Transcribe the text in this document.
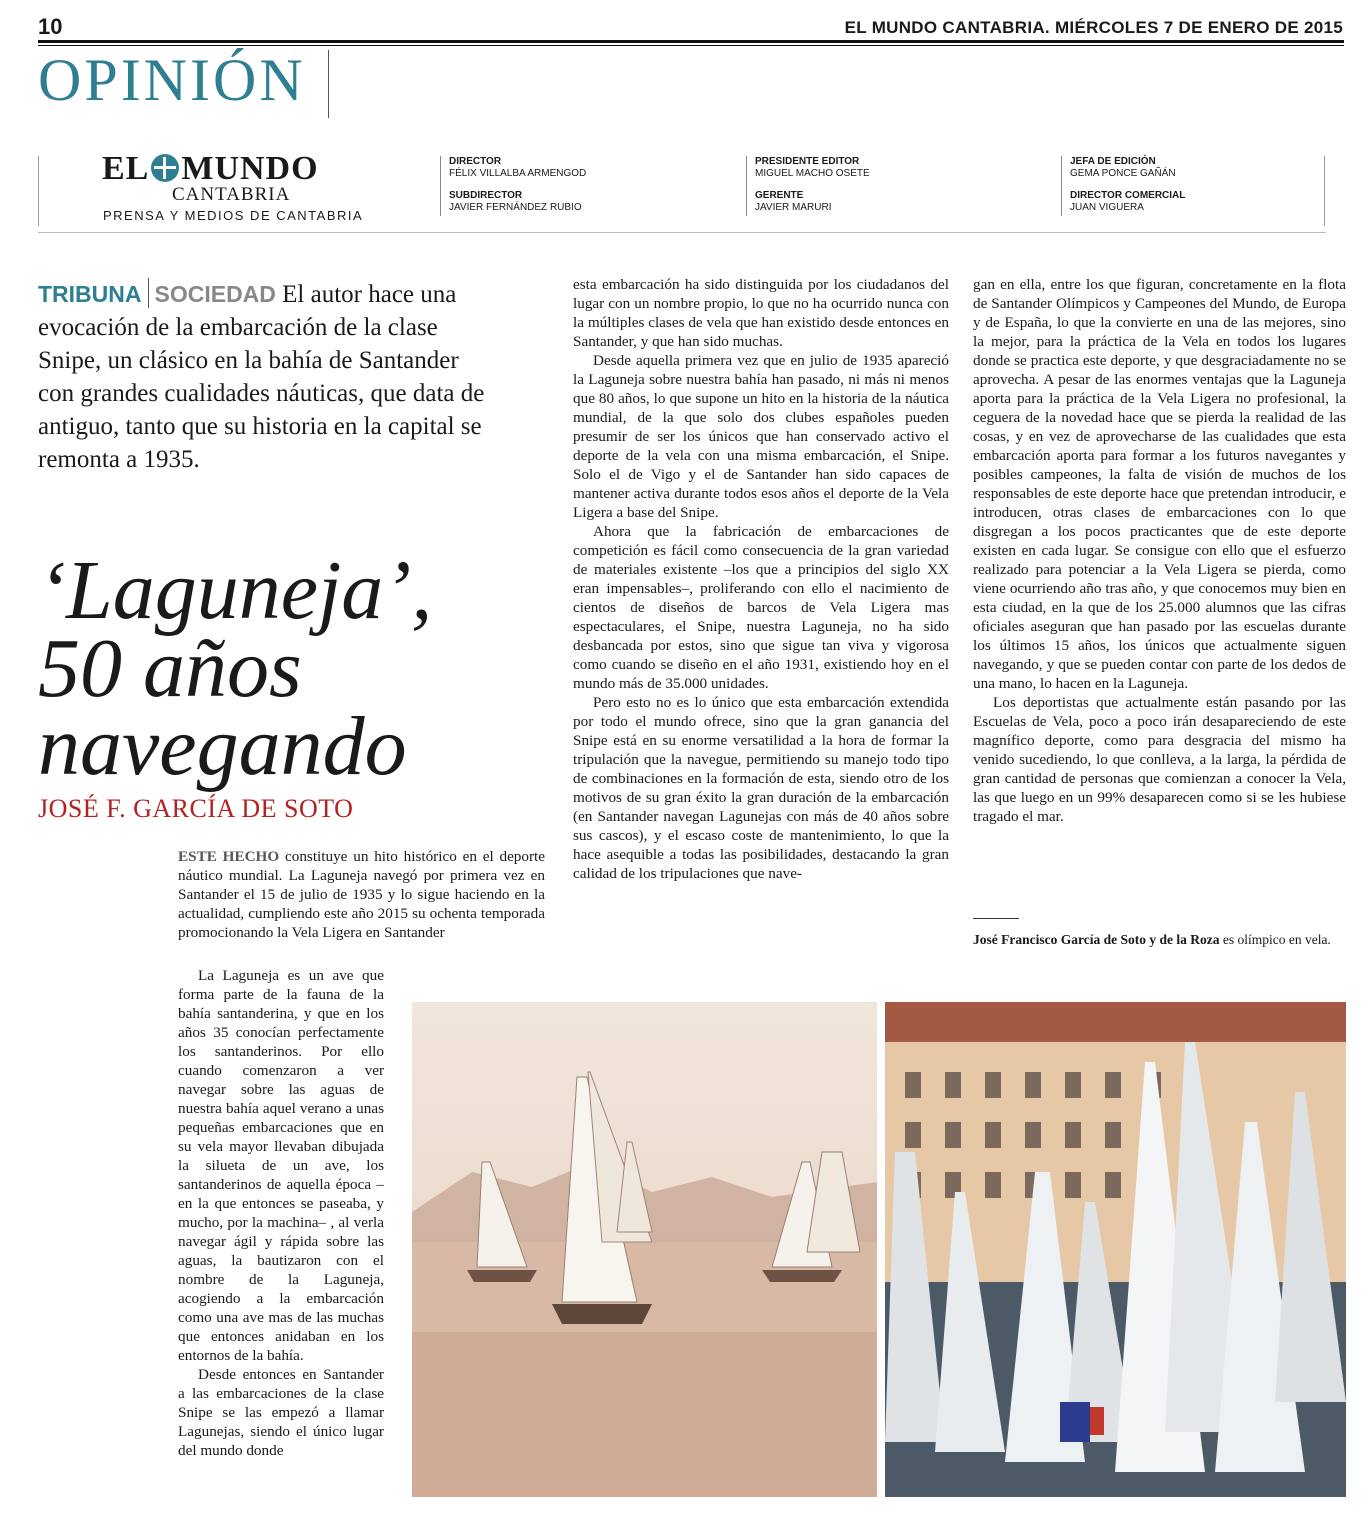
10	EL MUNDO CANTABRIA. MIÉRCOLES 7 DE ENERO DE 2015
OPINIÓN
EL MUNDO
CANTABRIA
PRENSA Y MEDIOS DE CANTABRIA
DIRECTOR
FÉLIX VILLALBA ARMENGOD
SUBDIRECTOR
JAVIER FERNÁNDEZ RUBIO
PRESIDENTE EDITOR
MIGUEL MACHO OSETE
GERENTE
JAVIER MARURI
JEFA DE EDICIÓN
GEMA PONCE GAÑÁN
DIRECTOR COMERCIAL
JUAN VIGUERA
TRIBUNA SOCIEDAD El autor hace una evocación de la embarcación de la clase Snipe, un clásico en la bahía de Santander con grandes cualidades náuticas, que data de antiguo, tanto que su historia en la capital se remonta a 1935.
‘Laguneja’,
50 años
navegando
JOSÉ F. GARCÍA DE SOTO

ESTE HECHO constituye un hito histórico en el deporte náutico mundial. La Laguneja navegó por primera vez en Santander el 15 de julio de 1935 y lo sigue haciendo en la actualidad, cumpliendo este año 2015 su ochenta temporada promocionando la Vela Ligera en Santander

La Laguneja es un ave que forma parte de la fauna de la bahía santanderina, y que en los años 35 conocían perfectamente los santanderinos. Por ello cuando comenzaron a ver navegar sobre las aguas de nuestra bahía aquel verano a unas pequeñas embarcaciones que en su vela mayor llevaban dibujada la silueta de un ave, los santanderinos de aquella época –en la que entonces se paseaba, y mucho, por la machina– , al verla navegar ágil y rápida sobre las aguas, la bautizaron con el nombre de la Laguneja, acogiendo a la embarcación como una ave mas de las muchas que entonces anidaban en los entornos de la bahía.

Desde entonces en Santander a las embarcaciones de la clase Snipe se las empezó a llamar Lagunejas, siendo el único lugar del mundo donde

esta embarcación ha sido distinguida por los ciudadanos del lugar con un nombre propio, lo que no ha ocurrido nunca con la múltiples clases de vela que han existido desde entonces en Santander, y que han sido muchas.

Desde aquella primera vez que en julio de 1935 apareció la Laguneja sobre nuestra bahía han pasado, ni más ni menos que 80 años, lo que supone un hito en la historia de la náutica mundial, de la que solo dos clubes españoles pueden presumir de ser los únicos que han conservado activo el deporte de la vela con una misma embarcación, el Snipe. Solo el de Vigo y el de Santander han sido capaces de mantener activa durante todos esos años el deporte de la Vela Ligera a base del Snipe.

Ahora que la fabricación de embarcaciones de competición es fácil como consecuencia de la gran variedad de materiales existente –los que a principios del siglo XX eran impensables–, proliferando con ello el nacimiento de cientos de diseños de barcos de Vela Ligera mas espectaculares, el Snipe, nuestra Laguneja, no ha sido desbancada por estos, sino que sigue tan viva y vigorosa como cuando se diseño en el año 1931, existiendo hoy en el mundo más de 35.000 unidades.

Pero esto no es lo único que esta embarcación extendida por todo el mundo ofrece, sino que la gran ganancia del Snipe está en su enorme versatilidad a la hora de formar la tripulación que la navegue, permitiendo su manejo todo tipo de combinaciones en la formación de esta, siendo otro de los motivos de su gran éxito la gran duración de la embarcación (en Santander navegan Lagunejas con más de 40 años sobre sus cascos), y el escaso coste de mantenimiento, lo que la hace asequible a todas las posibilidades, destacando la gran calidad de los tripulaciones que nave-

gan en ella, entre los que figuran, concretamente en la flota de Santander Olímpicos y Campeones del Mundo, de Europa y de España, lo que la convierte en una de las mejores, sino la mejor, para la práctica de la Vela en todos los lugares donde se practica este deporte, y que desgraciadamente no se aprovecha. A pesar de las enormes ventajas que la Laguneja aporta para la práctica de la Vela Ligera no profesional, la ceguera de la novedad hace que se pierda la realidad de las cosas, y en vez de aprovecharse de las cualidades que esta embarcación aporta para formar a los futuros navegantes y posibles campeones, la falta de visión de muchos de los responsables de este deporte hace que pretendan introducir, e introducen, otras clases de embarcaciones con lo que disgregan a los pocos practicantes que de este deporte existen en cada lugar. Se consigue con ello que el esfuerzo realizado para potenciar a la Vela Ligera se pierda, como viene ocurriendo año tras año, y que conocemos muy bien en esta ciudad, en la que de los 25.000 alumnos que las cifras oficiales aseguran que han pasado por las escuelas durante los últimos 15 años, los únicos que actualmente siguen navegando, y que se pueden contar con parte de los dedos de una mano, lo hacen en la Laguneja.

Los deportistas que actualmente están pasando por las Escuelas de Vela, poco a poco irán desapareciendo de este magnífico deporte, como para desgracia del mismo ha venido sucediendo, lo que conlleva, a la larga, la pérdida de gran cantidad de personas que comienzan a conocer la Vela, las que luego en un 99% desaparecen como si se les hubiese tragado el mar.

José Francisco García de Soto y de la Roza es olímpico en vela.
